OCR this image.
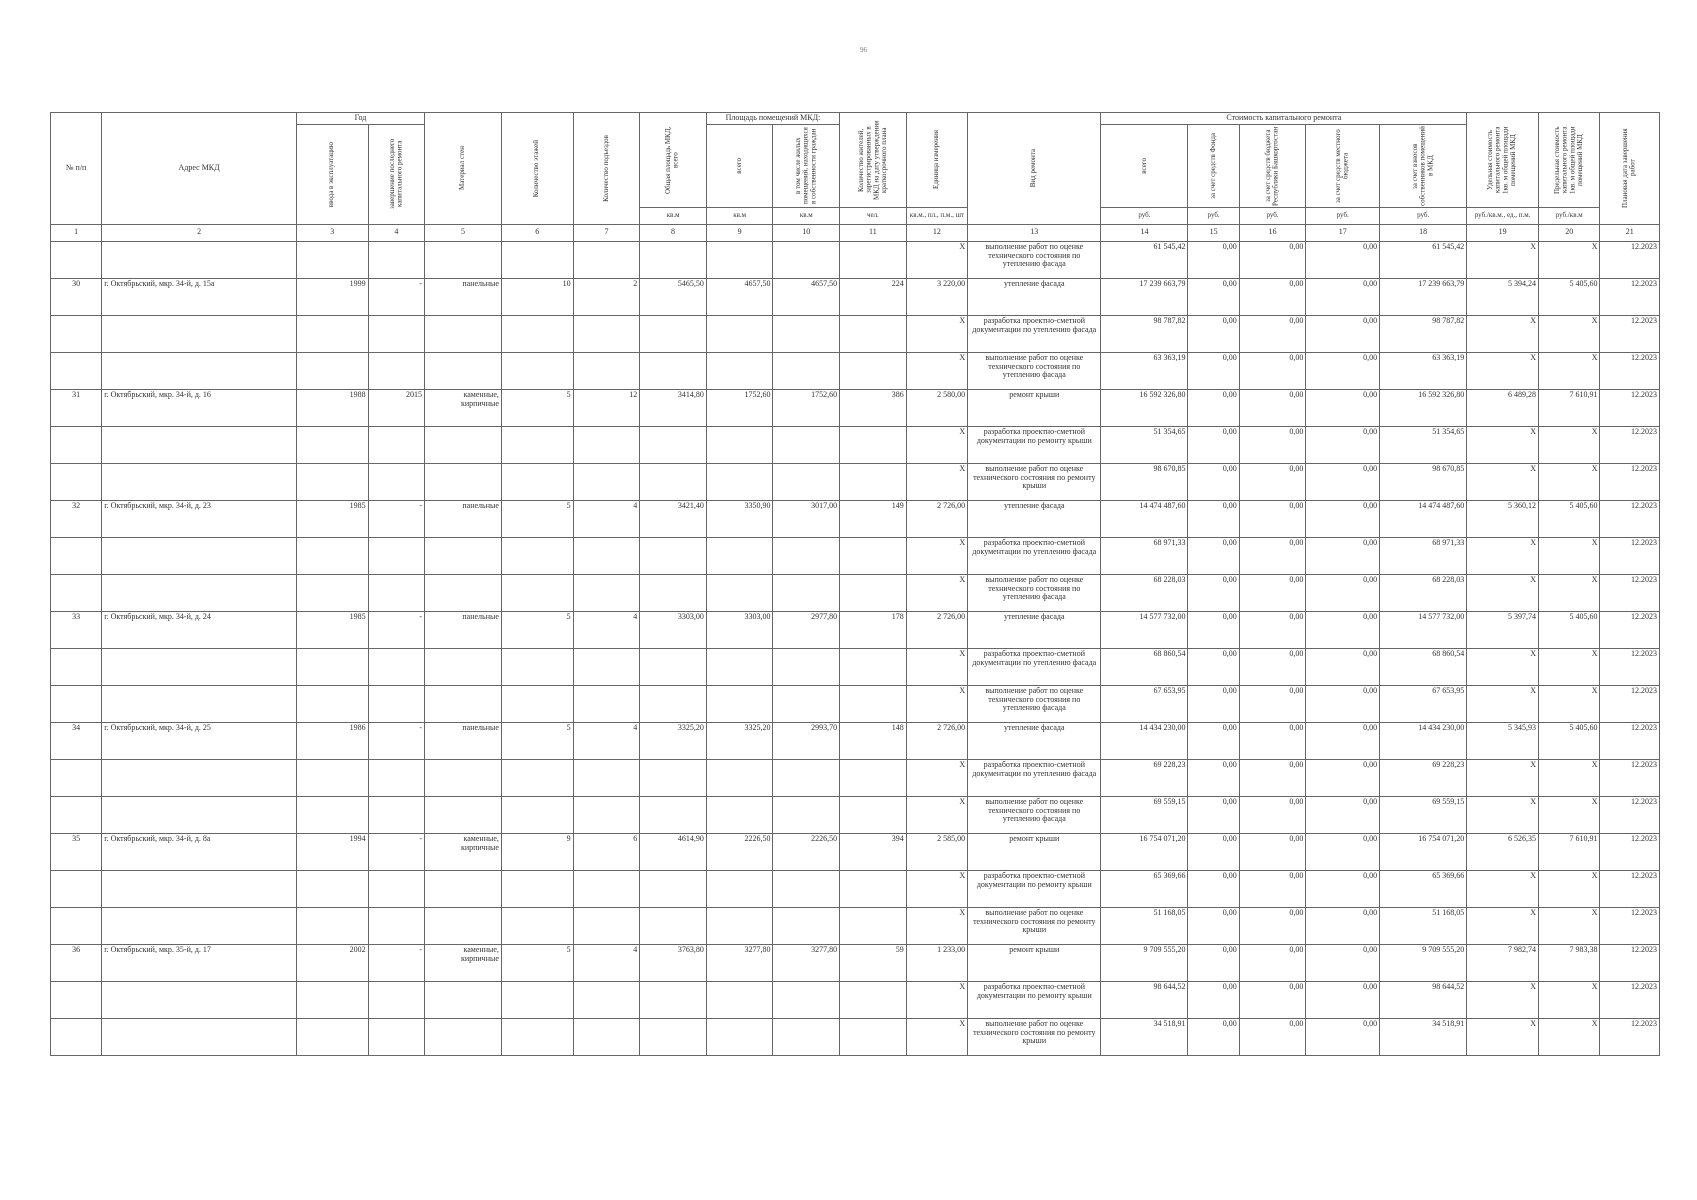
96
№ п/п	Адрес МКД	Год		Материал стен	Количество этажей	Количество подъездов	Общая площадь МКД, всего	Площадь помещений МКД:		Количество жителей, зарегистрированных в МКД на дату утверждения краткосрочного плана	Единица измерения	Вид ремонта	Стоимость капитального ремонта					Удельная стоимость капитального ремонта 1кв. м общей площади помещений МКД	Предельная стоимость капитального ремонта 1кв. м общей площади помещений МКД	Плановая дата завершения работ

		ввода в эксплуатацию	завершение последнего капитального ремонта					всего	в том числе жилых помещений, находящихся в собственности граждан				всего	за счет средств Фонда	за счет средств бюджета Республики Башкортостан	за счет средств местного бюджета	за счет взносов собственников помещений в МКД			

							кв.м	кв.м	кв.м	чел.	кв.м., пл., п.м., шт		руб.	руб.	руб.	руб.	руб.	руб./кв.м., ед., п.м.	руб./кв.м	
1	2	3	4	5	6	7	8	9	10	11	12	13	14	15	16	17	18	19	20	21
											X	выполнение работ по оценке технического состояния по утеплению фасада	61 545,42	0,00	0,00	0,00	61 545,42	X	X	12.2023
30	г. Октябрьский, мкр. 34-й, д. 15а	1999	-	панельные	10	2	5465,50	4657,50	4657,50	224	3 220,00	утепление фасада	17 239 663,79	0,00	0,00	0,00	17 239 663,79	5 394,24	5 405,60	12.2023
											X	разработка проектно-сметной документации по утеплению фасада	98 787,82	0,00	0,00	0,00	98 787,82	X	X	12.2023
											X	выполнение работ по оценке технического состояния по утеплению фасада	63 363,19	0,00	0,00	0,00	63 363,19	X	X	12.2023
31	г. Октябрьский, мкр. 34-й, д. 16	1988	2015	каменные, кирпичные	5	12	3414,80	1752,60	1752,60	386	2 580,00	ремонт крыши	16 592 326,80	0,00	0,00	0,00	16 592 326,80	6 489,28	7 610,91	12.2023
											X	разработка проектно-сметной документации по ремонту крыши	51 354,65	0,00	0,00	0,00	51 354,65	X	X	12.2023
											X	выполнение работ по оценке технического состояния по ремонту крыши	98 670,85	0,00	0,00	0,00	98 670,85	X	X	12.2023
32	г. Октябрьский, мкр. 34-й, д. 23	1985	-	панельные	5	4	3421,40	3350,90	3017,00	149	2 726,00	утепление фасада	14 474 487,60	0,00	0,00	0,00	14 474 487,60	5 360,12	5 405,60	12.2023
											X	разработка проектно-сметной документации по утеплению фасада	68 971,33	0,00	0,00	0,00	68 971,33	X	X	12.2023
											X	выполнение работ по оценке технического состояния по утеплению фасада	68 228,03	0,00	0,00	0,00	68 228,03	X	X	12.2023
33	г. Октябрьский, мкр. 34-й, д. 24	1985	-	панельные	5	4	3303,00	3303,00	2977,80	178	2 726,00	утепление фасада	14 577 732,00	0,00	0,00	0,00	14 577 732,00	5 397,74	5 405,60	12.2023
											X	разработка проектно-сметной документации по утеплению фасада	68 860,54	0,00	0,00	0,00	68 860,54	X	X	12.2023
											X	выполнение работ по оценке технического состояния по утеплению фасада	67 653,95	0,00	0,00	0,00	67 653,95	X	X	12.2023
34	г. Октябрьский, мкр. 34-й, д. 25	1986	-	панельные	5	4	3325,20	3325,20	2993,70	148	2 726,00	утепление фасада	14 434 230,00	0,00	0,00	0,00	14 434 230,00	5 345,93	5 405,60	12.2023
											X	разработка проектно-сметной документации по утеплению фасада	69 228,23	0,00	0,00	0,00	69 228,23	X	X	12.2023
											X	выполнение работ по оценке технического состояния по утеплению фасада	69 559,15	0,00	0,00	0,00	69 559,15	X	X	12.2023
35	г. Октябрьский, мкр. 34-й, д. 8а	1994	-	каменные, кирпичные	9	6	4614,90	2226,50	2226,50	394	2 585,00	ремонт крыши	16 754 071,20	0,00	0,00	0,00	16 754 071,20	6 526,35	7 610,91	12.2023
											X	разработка проектно-сметной документации по ремонту крыши	65 369,66	0,00	0,00	0,00	65 369,66	X	X	12.2023
											X	выполнение работ по оценке технического состояния по ремонту крыши	51 168,05	0,00	0,00	0,00	51 168,05	X	X	12.2023
36	г. Октябрьский, мкр. 35-й, д. 17	2002	-	каменные, кирпичные	5	4	3763,80	3277,80	3277,80	59	1 233,00	ремонт крыши	9 709 555,20	0,00	0,00	0,00	9 709 555,20	7 982,74	7 983,38	12.2023
											X	разработка проектно-сметной документации по ремонту крыши	98 644,52	0,00	0,00	0,00	98 644,52	X	X	12.2023
											X	выполнение работ по оценке технического состояния по ремонту крыши	34 518,91	0,00	0,00	0,00	34 518,91	X	X	12.2023
